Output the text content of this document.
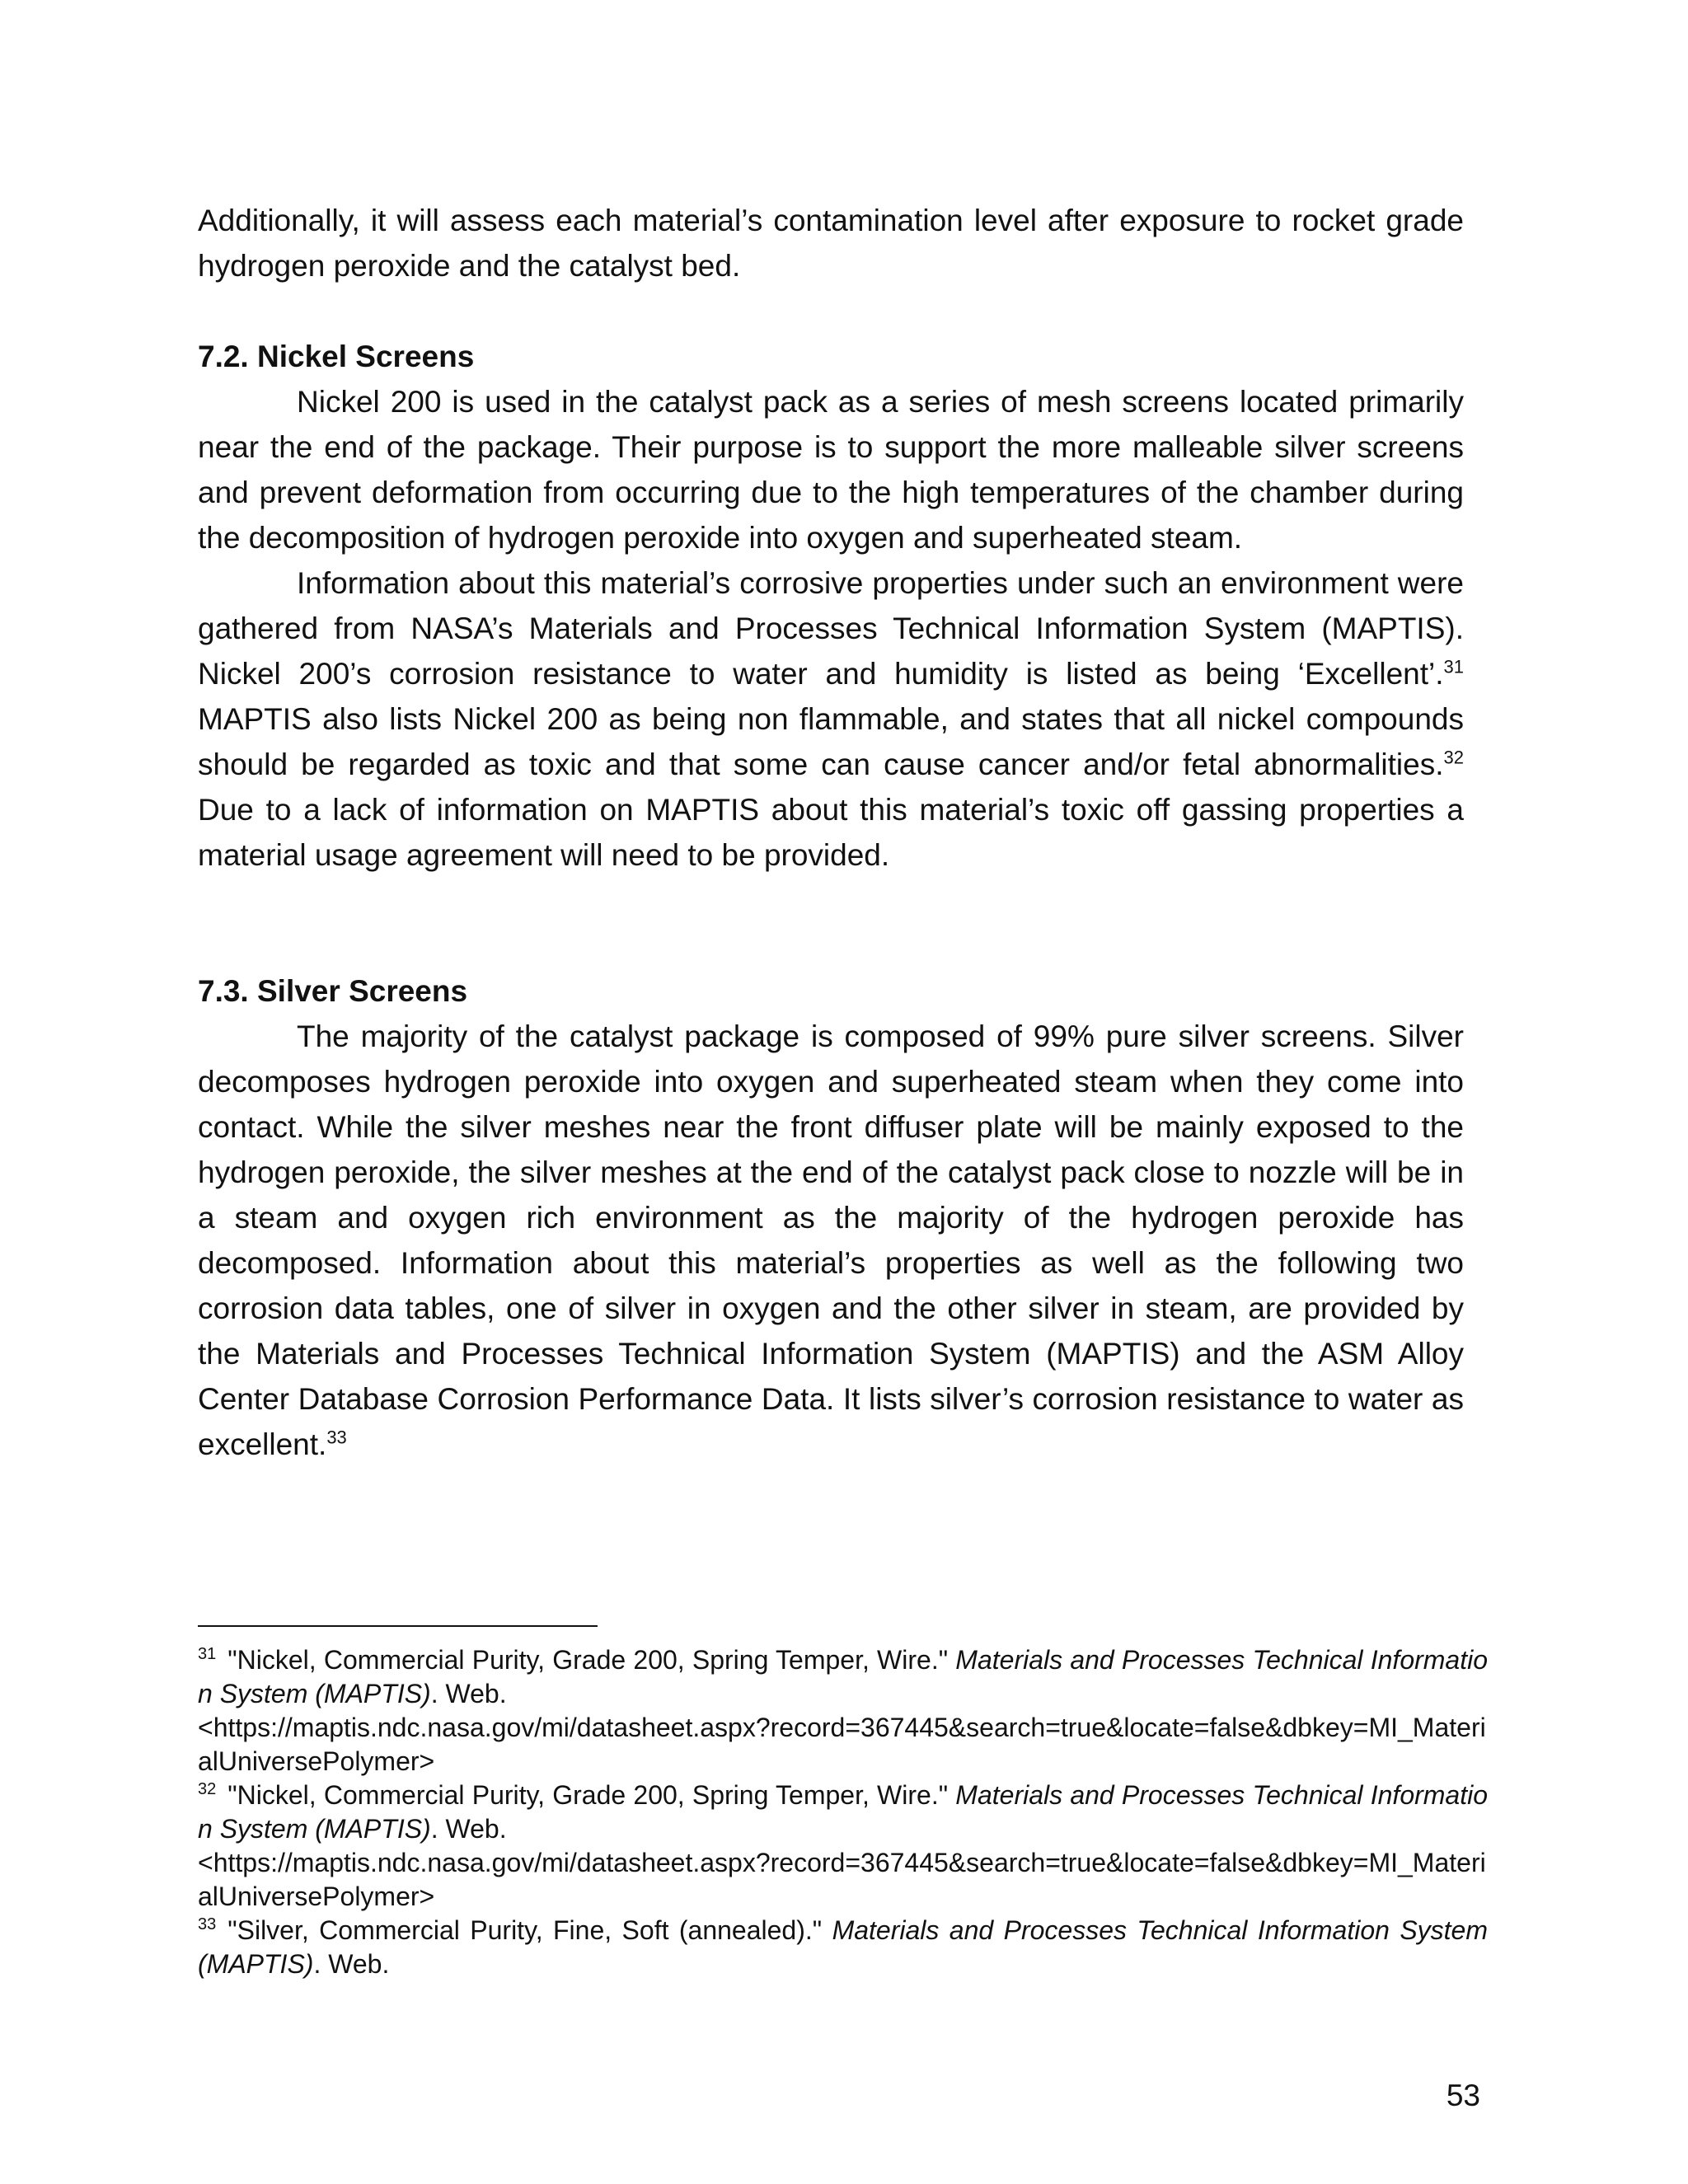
Additionally, it will assess each material’s contamination level after exposure to rocket grade hydrogen peroxide and the catalyst bed.

7.2. Nickel Screens

Nickel 200 is used in the catalyst pack as a series of mesh screens located primarily near the end of the package. Their purpose is to support the more malleable silver screens and prevent deformation from occurring due to the high temperatures of the chamber during the decomposition of hydrogen peroxide into oxygen and superheated steam.

Information about this material’s corrosive properties under such an environment were gathered from NASA’s Materials and Processes Technical Information System (MAPTIS). Nickel 200’s corrosion resistance to water and humidity is listed as being ‘Excellent’.$^{31}$ MAPTIS also lists Nickel 200 as being non flammable, and states that all nickel compounds should be regarded as toxic and that some can cause cancer and/or fetal abnormalities.$^{32}$ Due to a lack of information on MAPTIS about this material’s toxic off gassing properties a material usage agreement will need to be provided.

7.3. Silver Screens

The majority of the catalyst package is composed of 99% pure silver screens. Silver decomposes hydrogen peroxide into oxygen and superheated steam when they come into contact. While the silver meshes near the front diffuser plate will be mainly exposed to the hydrogen peroxide, the silver meshes at the end of the catalyst pack close to nozzle will be in a steam and oxygen rich environment as the majority of the hydrogen peroxide has decomposed. Information about this material’s properties as well as the following two corrosion data tables, one of silver in oxygen and the other silver in steam, are provided by the Materials and Processes Technical Information System (MAPTIS) and the ASM Alloy Center Database Corrosion Performance Data. It lists silver’s corrosion resistance to water as excellent.$^{33}$

$^{31}$ "Nickel, Commercial Purity, Grade 200, Spring Temper, Wire." Materials and Processes Technical Information System (MAPTIS). Web.
<https://maptis.ndc.nasa.gov/mi/datasheet.aspx?record=367445&search=true&locate=false&dbkey=MI_MaterialUniversePolymer>

$^{32}$ "Nickel, Commercial Purity, Grade 200, Spring Temper, Wire." Materials and Processes Technical Information System (MAPTIS). Web.
<https://maptis.ndc.nasa.gov/mi/datasheet.aspx?record=367445&search=true&locate=false&dbkey=MI_MaterialUniversePolymer>

$^{33}$ "Silver, Commercial Purity, Fine, Soft (annealed)." Materials and Processes Technical Information System (MAPTIS). Web.

53
